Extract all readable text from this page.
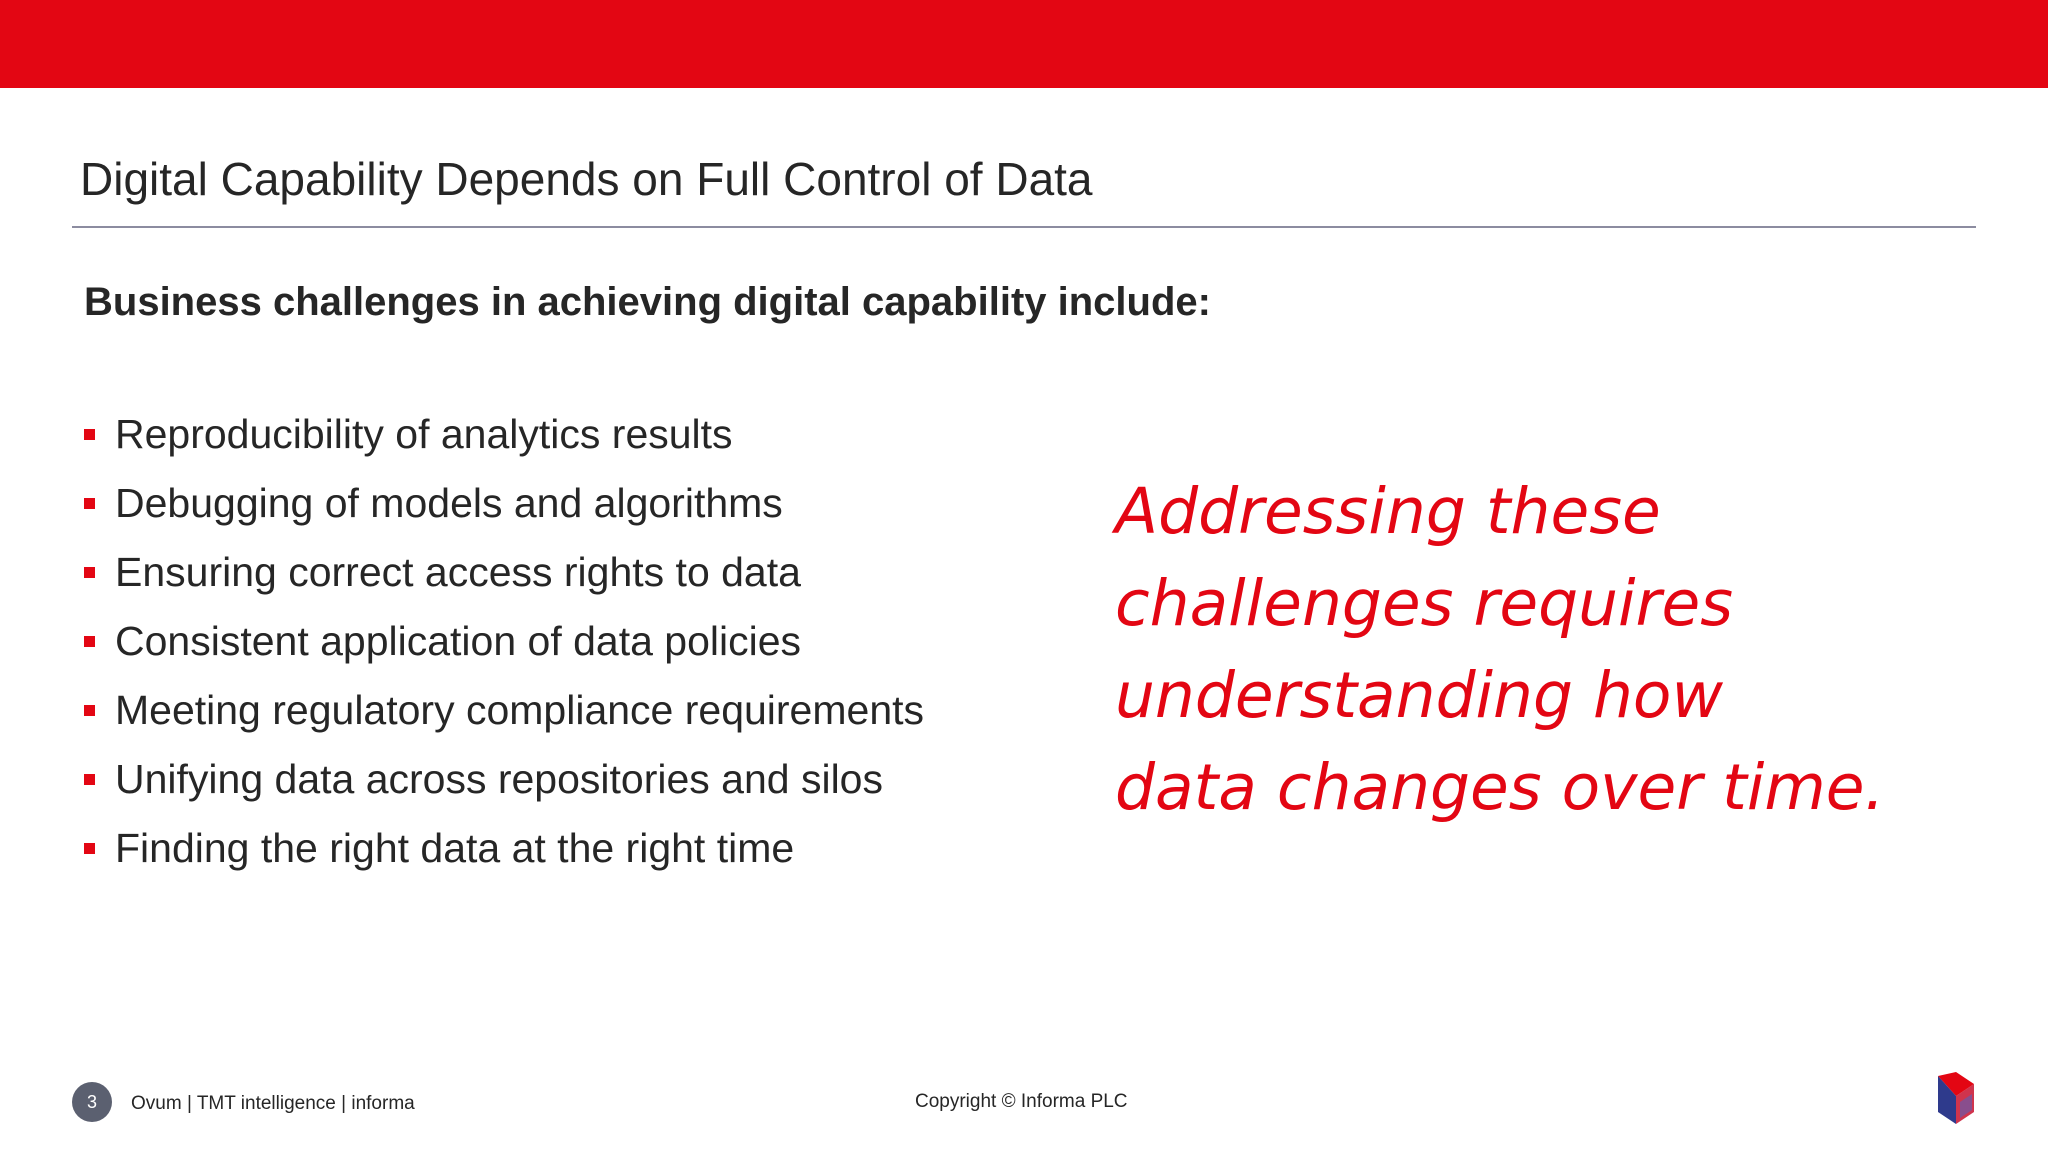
Digital Capability Depends on Full Control of Data

Business challenges in achieving digital capability include:

Reproducibility of analytics results
Debugging of models and algorithms
Ensuring correct access rights to data
Consistent application of data policies
Meeting regulatory compliance requirements
Unifying data across repositories and silos
Finding the right data at the right time
Addressing these
challenges requires
understanding how
data changes over time.
3	Ovum | TMT intelligence | informa	Copyright © Informa PLC
